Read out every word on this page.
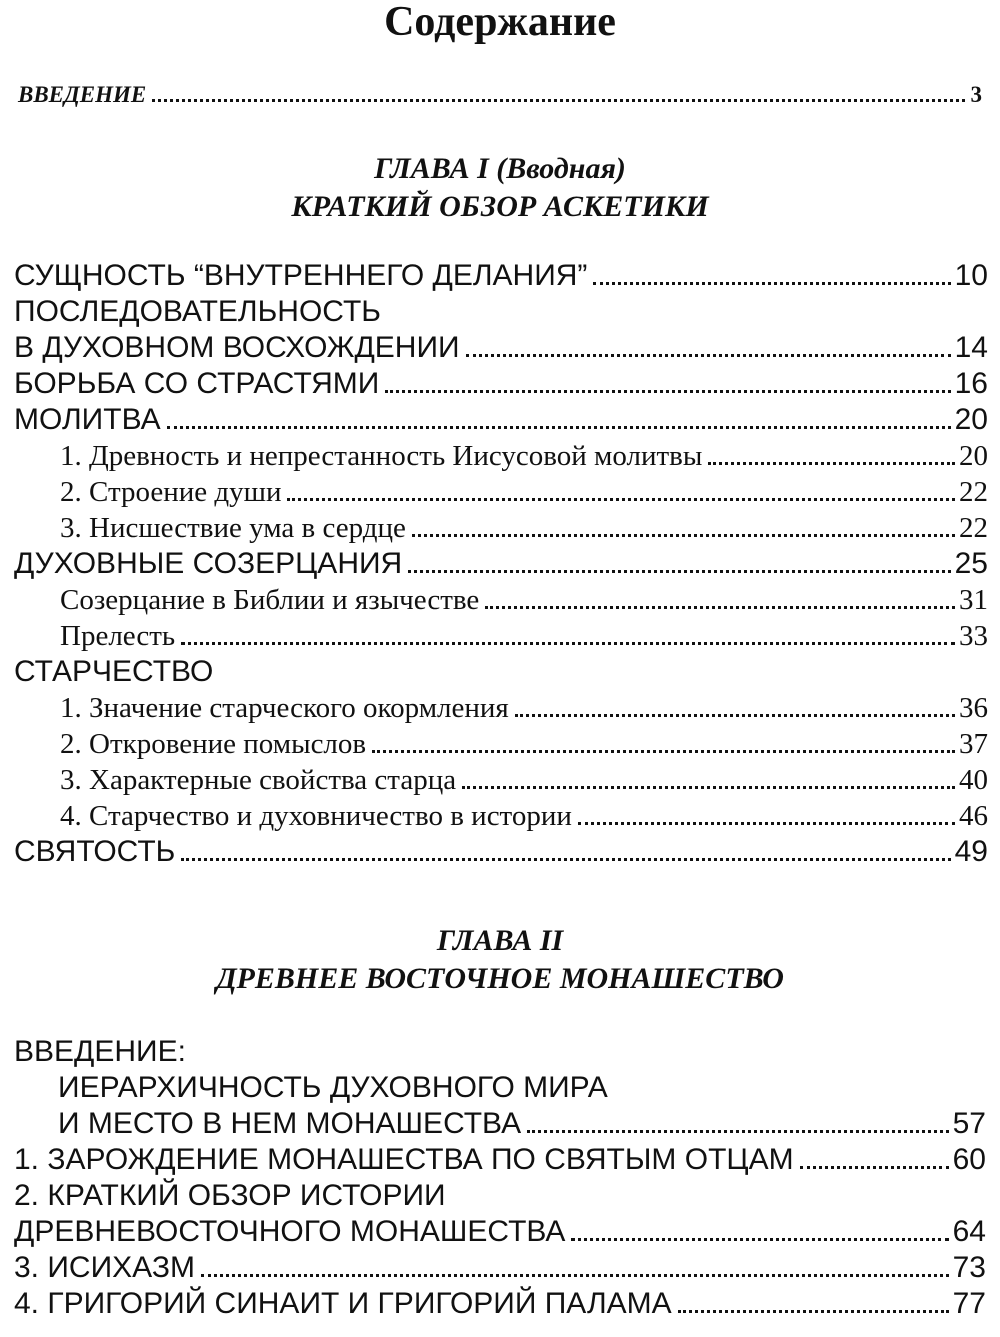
Содержание
ВВЕДЕНИЕ	3
ГЛАВА I (Вводная)
КРАТКИЙ ОБЗОР АСКЕТИКИ
СУЩНОСТЬ “ВНУТРЕННЕГО ДЕЛАНИЯ”	10
ПОСЛЕДОВАТЕЛЬНОСТЬ
В ДУХОВНОМ ВОСХОЖДЕНИИ	14
БОРЬБА СО СТРАСТЯМИ	16
МОЛИТВА	20
1. Древность и непрестанность Иисусовой молитвы	20
2. Строение души	22
3. Нисшествие ума в сердце	22
ДУХОВНЫЕ СОЗЕРЦАНИЯ	25
Созерцание в Библии и язычестве	31
Прелесть	33
СТАРЧЕСТВО
1. Значение старческого окормления	36
2. Откровение помыслов	37
3. Характерные свойства старца	40
4. Старчество и духовничество в истории	46
СВЯТОСТЬ	49
ГЛАВА II
ДРЕВНЕЕ ВОСТОЧНОЕ МОНАШЕСТВО
ВВЕДЕНИЕ:
ИЕРАРХИЧНОСТЬ ДУХОВНОГО МИРА
И МЕСТО В НЕМ МОНАШЕСТВА	57
1. ЗАРОЖДЕНИЕ МОНАШЕСТВА ПО СВЯТЫМ ОТЦАМ	60
2. КРАТКИЙ ОБЗОР ИСТОРИИ
ДРЕВНЕВОСТОЧНОГО МОНАШЕСТВА	64
3. ИСИХАЗМ	73
4. ГРИГОРИЙ СИНАИТ И ГРИГОРИЙ ПАЛАМА	77
